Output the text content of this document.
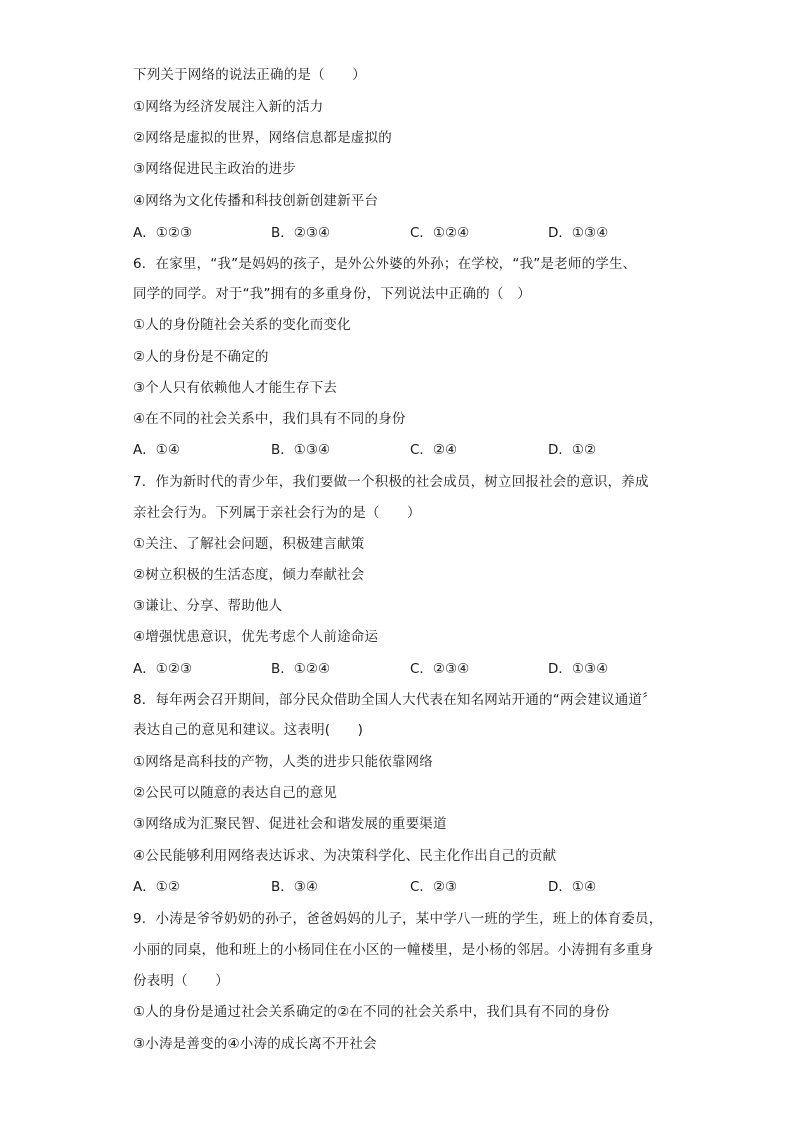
下列关于网络的说法正确的是（　　）
①网络为经济发展注入新的活力
②网络是虚拟的世界，网络信息都是虚拟的
③网络促进民主政治的进步
④网络为文化传播和科技创新创建新平台
A．①②③	B．②③④	C．①②④	D．①③④
6．在家里，“我”是妈妈的孩子，是外公外婆的外孙；在学校，“我”是老师的学生、
同学的同学。对于“我”拥有的多重身份，下列说法中正确的（　）
①人的身份随社会关系的变化而变化
②人的身份是不确定的
③个人只有依赖他人才能生存下去
④在不同的社会关系中，我们具有不同的身份
A．①④	B．①③④	C．②④	D．①②
7．作为新时代的青少年，我们要做一个积极的社会成员，树立回报社会的意识，养成
亲社会行为。下列属于亲社会行为的是（　　）
①关注、了解社会问题，积极建言献策
②树立积极的生活态度，倾力奉献社会
③谦让、分享、帮助他人
④增强忧患意识，优先考虑个人前途命运
A．①②③	B．①②④	C．②③④	D．①③④
8．每年两会召开期间，部分民众借助全国人大代表在知名网站开通的“两会建议通道〞
表达自己的意见和建议。这表明(　　)
①网络是高科技的产物，人类的进步只能依靠网络
②公民可以随意的表达自己的意见
③网络成为汇聚民智、促进社会和谐发展的重要渠道
④公民能够利用网络表达诉求、为决策科学化、民主化作出自己的贡献
A．①②	B．③④	C．②③	D．①④
9．小涛是爷爷奶奶的孙子，爸爸妈妈的儿子，某中学八一班的学生，班上的体育委员，
小丽的同桌，他和班上的小杨同住在小区的一幢楼里，是小杨的邻居。小涛拥有多重身
份表明（　　）
①人的身份是通过社会关系确定的②在不同的社会关系中，我们具有不同的身份
③小涛是善变的④小涛的成长离不开社会
